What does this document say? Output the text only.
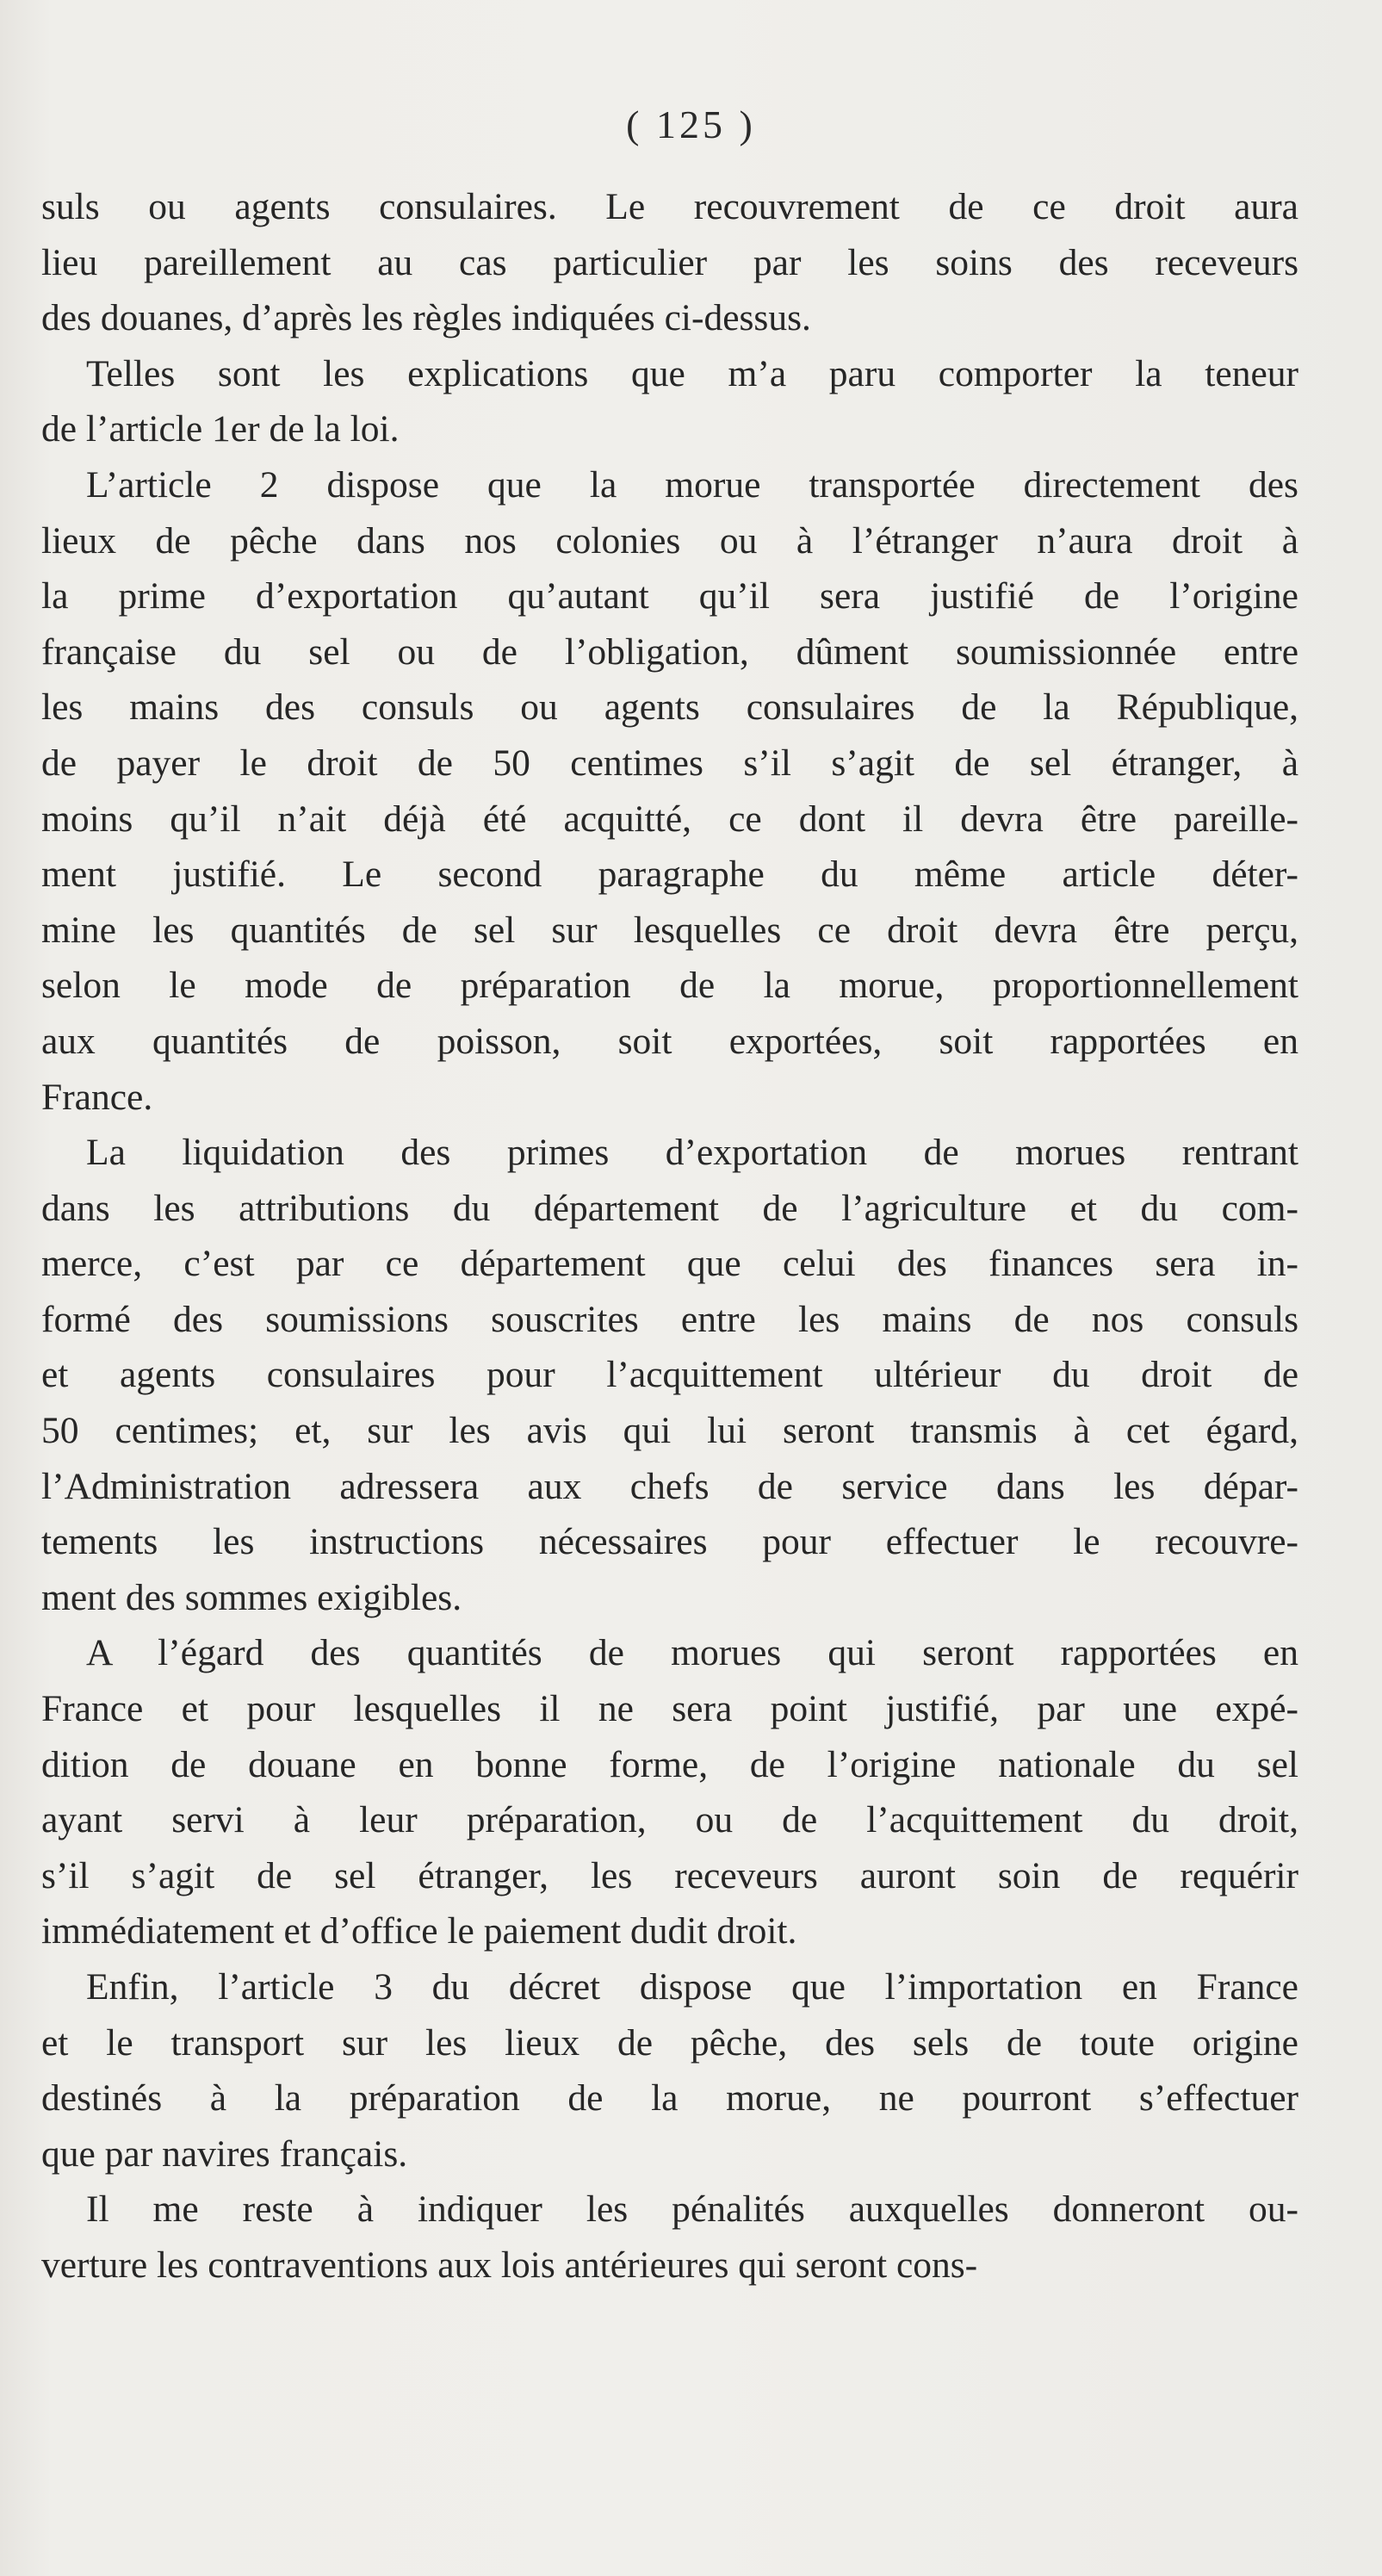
( 125 )
suls ou agents consulaires. Le recouvrement de ce droit aura
lieu pareillement au cas particulier par les soins des receveurs
des douanes, d’après les règles indiquées ci-dessus.
Telles sont les explications que m’a paru comporter la teneur
de l’article 1er de la loi.
L’article 2 dispose que la morue transportée directement des
lieux de pêche dans nos colonies ou à l’étranger n’aura droit à
la prime d’exportation qu’autant qu’il sera justifié de l’origine
française du sel ou de l’obligation, dûment soumissionnée entre
les mains des consuls ou agents consulaires de la République,
de payer le droit de 50 centimes s’il s’agit de sel étranger, à
moins qu’il n’ait déjà été acquitté, ce dont il devra être pareille-
ment justifié. Le second paragraphe du même article déter-
mine les quantités de sel sur lesquelles ce droit devra être perçu,
selon le mode de préparation de la morue, proportionnellement
aux quantités de poisson, soit exportées, soit rapportées en
France.
La liquidation des primes d’exportation de morues rentrant
dans les attributions du département de l’agriculture et du com-
merce, c’est par ce département que celui des finances sera in-
formé des soumissions souscrites entre les mains de nos consuls
et agents consulaires pour l’acquittement ultérieur du droit de
50 centimes; et, sur les avis qui lui seront transmis à cet égard,
l’Administration adressera aux chefs de service dans les dépar-
tements les instructions nécessaires pour effectuer le recouvre-
ment des sommes exigibles.
A l’égard des quantités de morues qui seront rapportées en
France et pour lesquelles il ne sera point justifié, par une expé-
dition de douane en bonne forme, de l’origine nationale du sel
ayant servi à leur préparation, ou de l’acquittement du droit,
s’il s’agit de sel étranger, les receveurs auront soin de requérir
immédiatement et d’office le paiement dudit droit.
Enfin, l’article 3 du décret dispose que l’importation en France
et le transport sur les lieux de pêche, des sels de toute origine
destinés à la préparation de la morue, ne pourront s’effectuer
que par navires français.
Il me reste à indiquer les pénalités auxquelles donneront ou-
verture les contraventions aux lois antérieures qui seront cons-
